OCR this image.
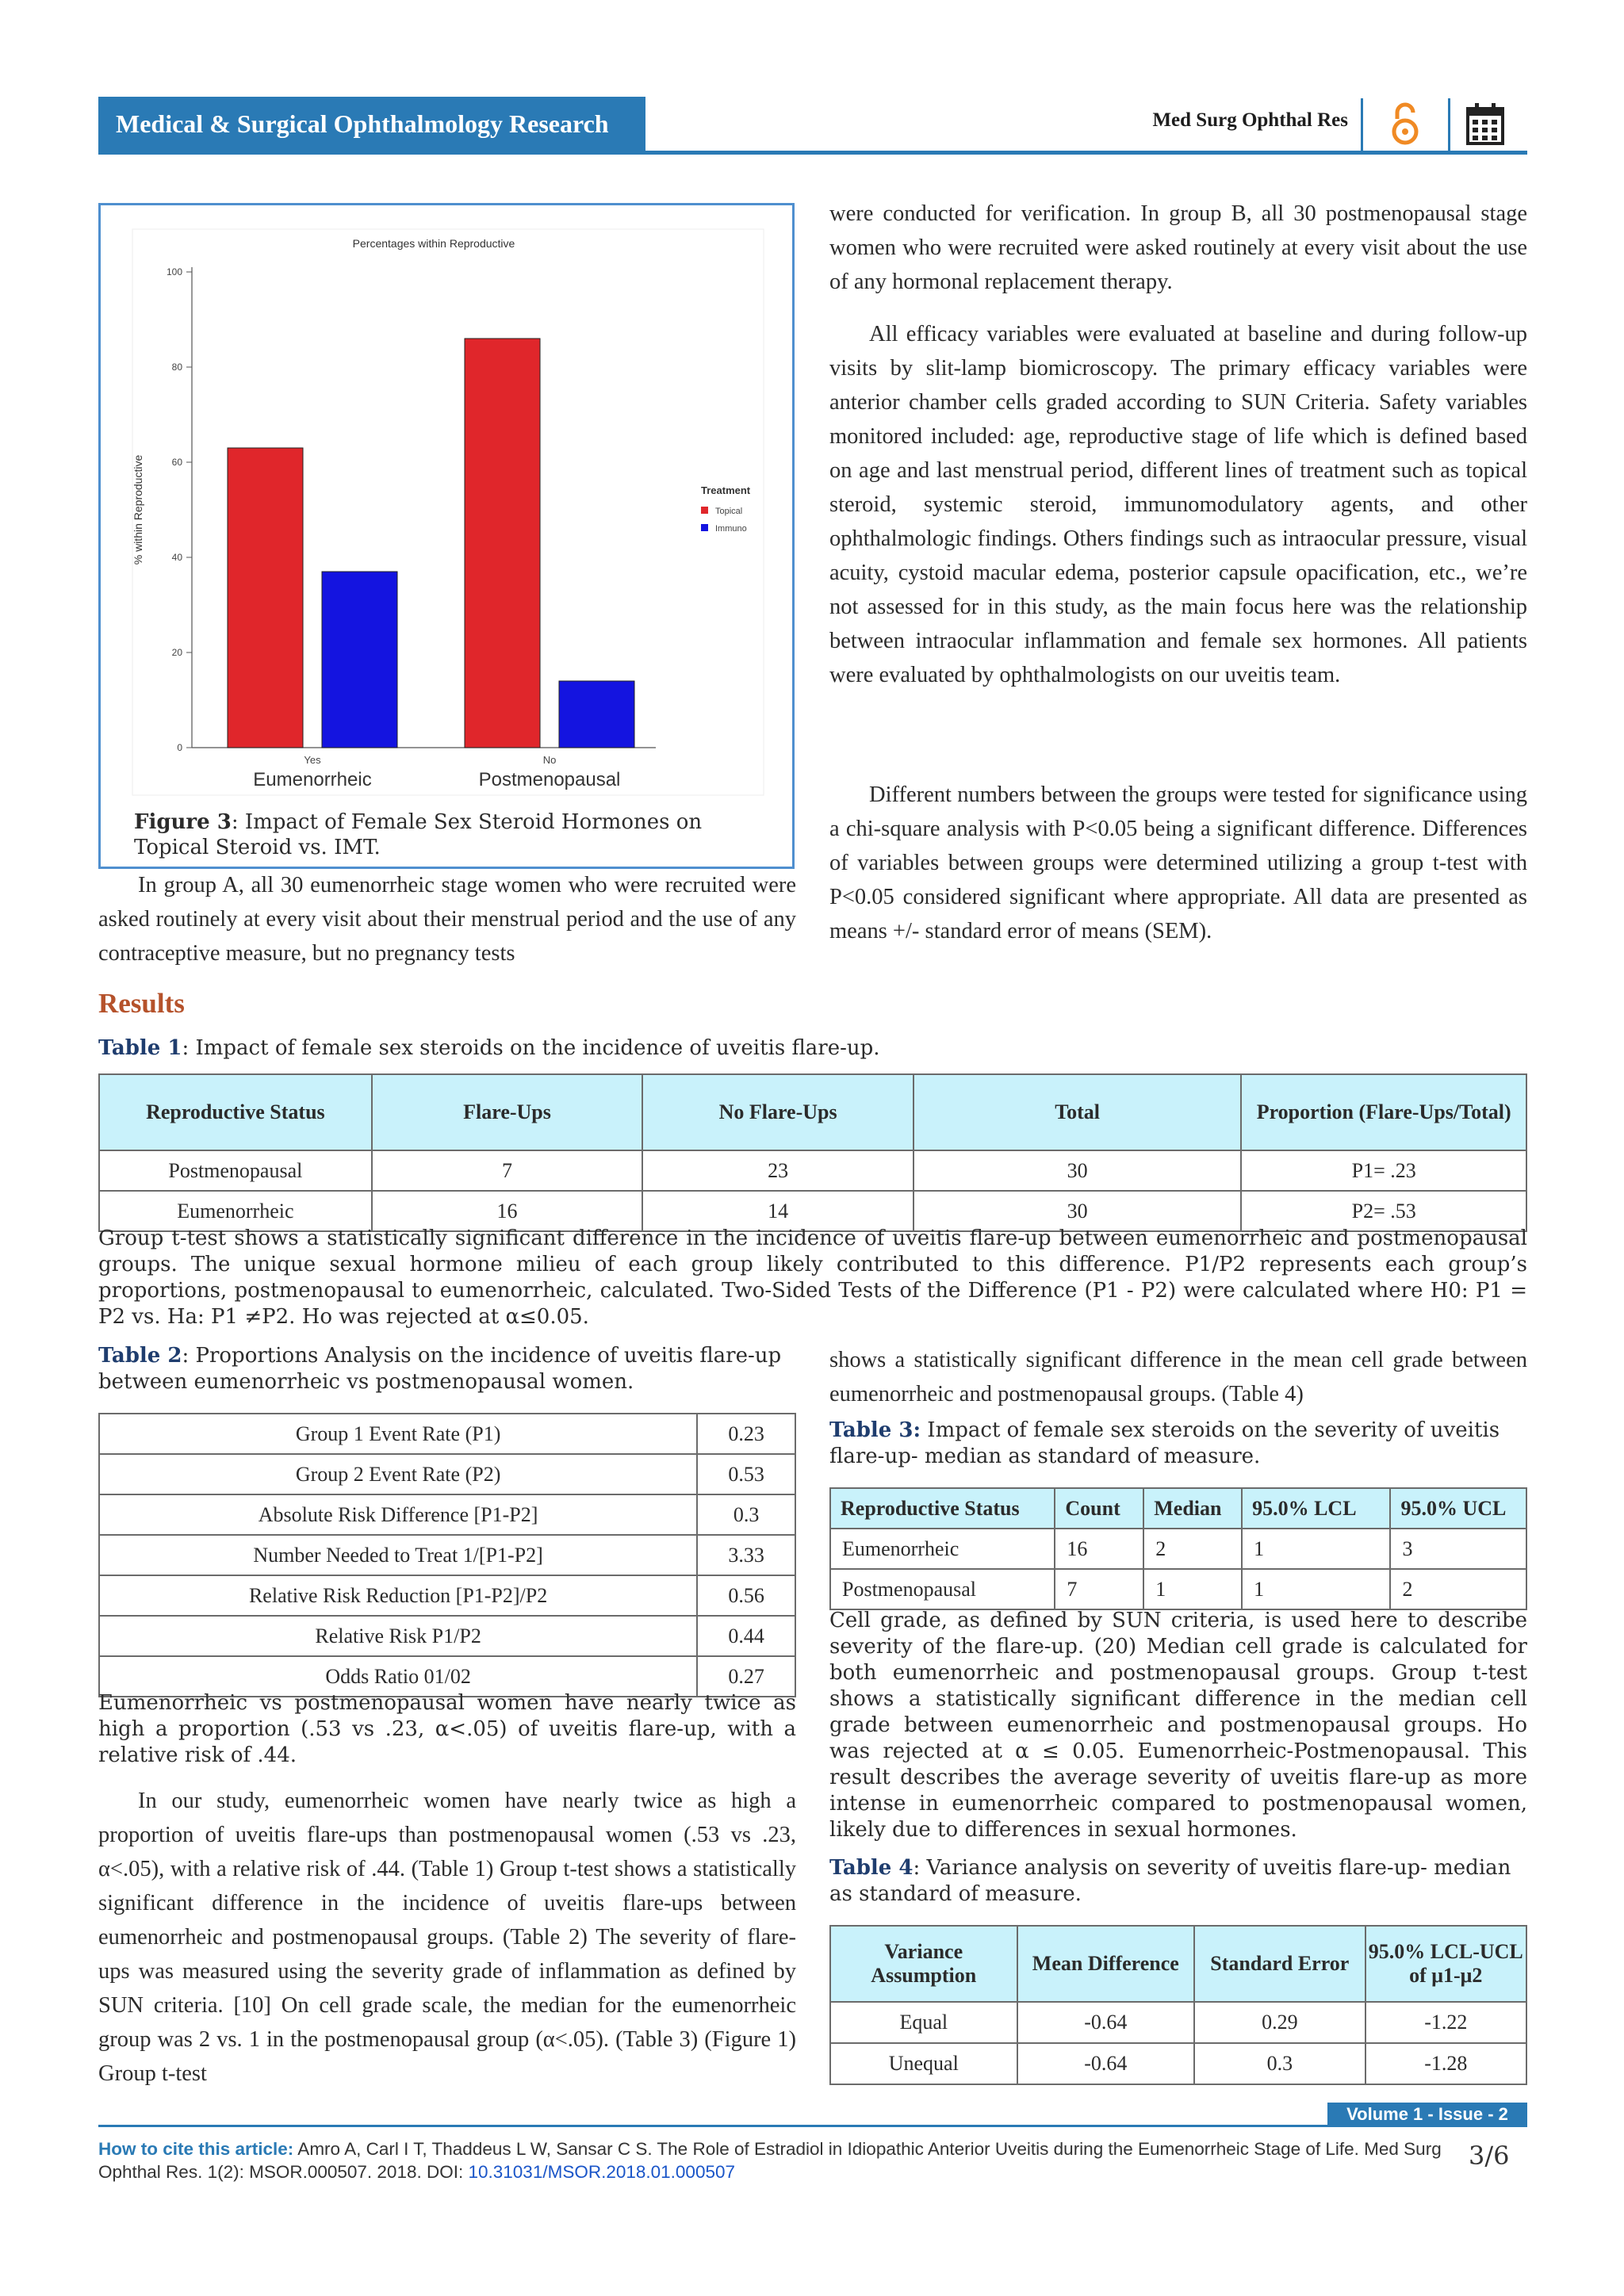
Medical & Surgical Ophthalmology Research	Med Surg Ophthal Res
Percentages within Reproductive
0
20
40
60
80
100
% within Reproductive
Yes
Eumenorrheic
No
Postmenopausal
Treatment
Topical
Immuno
Figure 3: Impact of Female Sex Steroid Hormones on Topical Steroid vs. IMT.
In group A, all 30 eumenorrheic stage women who were recruited were asked routinely at every visit about their menstrual period and the use of any contraceptive measure, but no pregnancy tests
were conducted for verification. In group B, all 30 postmenopausal stage women who were recruited were asked routinely at every visit about the use of any hormonal replacement therapy.
All efficacy variables were evaluated at baseline and during follow-up visits by slit-lamp biomicroscopy. The primary efficacy variables were anterior chamber cells graded according to SUN Criteria. Safety variables monitored included: age, reproductive stage of life which is defined based on age and last menstrual period, different lines of treatment such as topical steroid, systemic steroid, immunomodulatory agents, and other ophthalmologic findings. Others findings such as intraocular pressure, visual acuity, cystoid macular edema, posterior capsule opacification, etc., we’re not assessed for in this study, as the main focus here was the relationship between intraocular inflammation and female sex hormones. All patients were evaluated by ophthalmologists on our uveitis team.
Different numbers between the groups were tested for significance using a chi-square analysis with P<0.05 being a significant difference. Differences of variables between groups were determined utilizing a group t-test with P<0.05 considered significant where appropriate. All data are presented as means +/- standard error of means (SEM).
Results
Table 1: Impact of female sex steroids on the incidence of uveitis flare-up.
Reproductive Status	Flare-Ups	No Flare-Ups	Total	Proportion (Flare-Ups/Total)
Postmenopausal	7	23	30	P1= .23
Eumenorrheic	16	14	30	P2= .53
Group t-test shows a statistically significant difference in the incidence of uveitis flare-up between eumenorrheic and postmenopausal groups. The unique sexual hormone milieu of each group likely contributed to this difference. P1/P2 represents each group’s proportions, postmenopausal to eumenorrheic, calculated. Two-Sided Tests of the Difference (P1 - P2) were calculated where H0: P1 = P2 vs. Ha: P1 ≠P2. Ho was rejected at α≤0.05.
Table 2: Proportions Analysis on the incidence of uveitis flare-up between eumenorrheic vs postmenopausal women.
Group 1 Event Rate (P1)	0.23
Group 2 Event Rate (P2)	0.53
Absolute Risk Difference [P1-P2]	0.3
Number Needed to Treat 1/[P1-P2]	3.33
Relative Risk Reduction [P1-P2]/P2	0.56
Relative Risk P1/P2	0.44
Odds Ratio 01/02	0.27
Eumenorrheic vs postmenopausal women have nearly twice as high a proportion (.53 vs .23, α<.05) of uveitis flare-up, with a relative risk of .44.
In our study, eumenorrheic women have nearly twice as high a proportion of uveitis flare-ups than postmenopausal women (.53 vs .23, α<.05), with a relative risk of .44. (Table 1) Group t-test shows a statistically significant difference in the incidence of uveitis flare-ups between eumenorrheic and postmenopausal groups. (Table 2) The severity of flare-ups was measured using the severity grade of inflammation as defined by SUN criteria. [10] On cell grade scale, the median for the eumenorrheic group was 2 vs. 1 in the postmenopausal group (α<.05). (Table 3) (Figure 1) Group t-test
shows a statistically significant difference in the mean cell grade between eumenorrheic and postmenopausal groups. (Table 4)
Table 3: Impact of female sex steroids on the severity of uveitis flare-up- median as standard of measure.
Reproductive Status	Count	Median	95.0% LCL	95.0% UCL
Eumenorrheic	16	2	1	3
Postmenopausal	7	1	1	2
Cell grade, as defined by SUN criteria, is used here to describe severity of the flare-up. (20) Median cell grade is calculated for both eumenorrheic and postmenopausal groups. Group t-test shows a statistically significant difference in the median cell grade between eumenorrheic and postmenopausal groups. Ho was rejected at α ≤ 0.05. Eumenorrheic-Postmenopausal. This result describes the average severity of uveitis flare-up as more intense in eumenorrheic compared to postmenopausal women, likely due to differences in sexual hormones.
Table 4: Variance analysis on severity of uveitis flare-up- median as standard of measure.
Variance Assumption	Mean Difference	Standard Error	95.0% LCL-UCL of μ1-μ2
Equal	-0.64	0.29	-1.22
Unequal	-0.64	0.3	-1.28
Volume 1 - Issue - 2
How to cite this article: Amro A, Carl I T, Thaddeus L W, Sansar C S. The Role of Estradiol in Idiopathic Anterior Uveitis during the Eumenorrheic Stage of Life. Med Surg Ophthal Res. 1(2): MSOR.000507. 2018. DOI: 10.31031/MSOR.2018.01.000507
3/6
